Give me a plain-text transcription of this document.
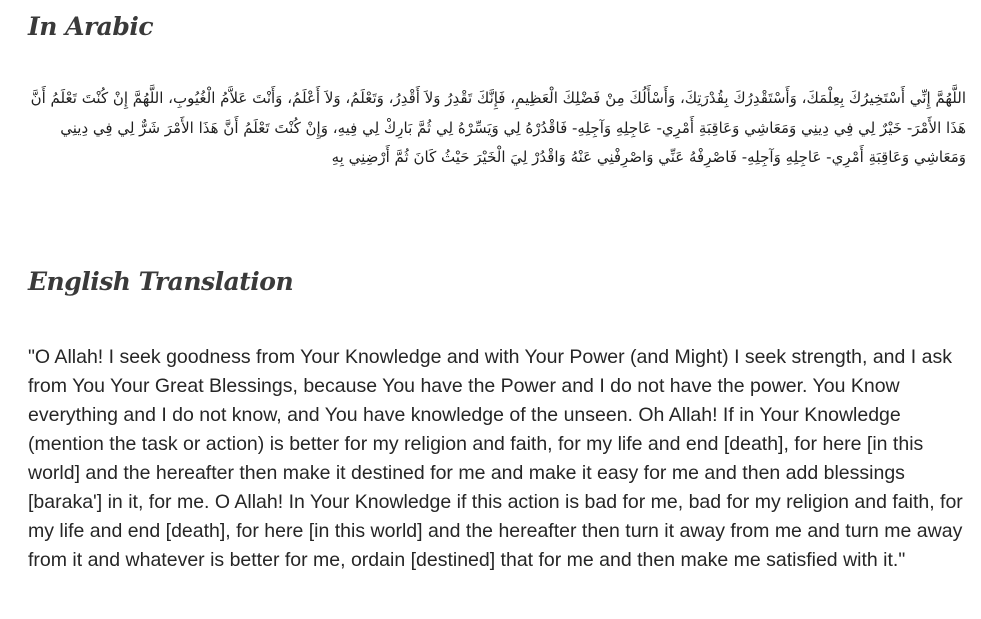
In Arabic

اللَّهُمَّ إِنِّي أَسْتَخِيرُكَ بِعِلْمَكَ، وَأَسْتَقْدِرُكَ بِقُدْرَتِكَ، وَأَسْأَلُكَ مِنْ فَضْلِكَ الْعَظِيمِ، فَإِنَّكَ تَقْدِرُ وَلاَ أَقْدِرُ، وَتَعْلَمُ، وَلاَ أَعْلَمُ، وَأَنْتَ عَلاَّمُ الْغُيُوبِ، اللَّهُمَّ إِنْ كُنْتَ تَعْلَمُ أَنَّ هَذَا الأَمْرَ- خَيْرٌ لِي فِي دِينِي وَمَعَاشِي وَعَاقِبَةِ أَمْرِي- عَاجِلِهِ وَآجِلِهِ- فَاقْدُرْهُ لِي وَيَسِّرْهُ لِي ثُمَّ بَارِكْ لِي فِيهِ، وَإِنْ كُنْتَ تَعْلَمُ أَنَّ هَذَا الأَمْرَ شَرٌّ لِي فِي دِينِي وَمَعَاشِي وَعَاقِبَةِ أَمْرِي- عَاجِلِهِ وَآجِلِهِ- فَاصْرِفْهُ عَنِّي وَاصْرِفْنِي عَنْهُ وَاقْدُرْ لِيَ الْخَيْرَ حَيْثُ كَانَ ثُمَّ أَرْضِنِي بِهِ

English Translation

"O Allah! I seek goodness from Your Knowledge and with Your Power (and Might) I seek strength, and I ask from You Your Great Blessings, because You have the Power and I do not have the power. You Know everything and I do not know, and You have knowledge of the unseen. Oh Allah! If in Your Knowledge (mention the task or action) is better for my religion and faith, for my life and end [death], for here [in this world] and the hereafter then make it destined for me and make it easy for me and then add blessings [baraka'] in it, for me. O Allah! In Your Knowledge if this action is bad for me, bad for my religion and faith, for my life and end [death], for here [in this world] and the hereafter then turn it away from me and turn me away from it and whatever is better for me, ordain [destined] that for me and then make me satisfied with it."
